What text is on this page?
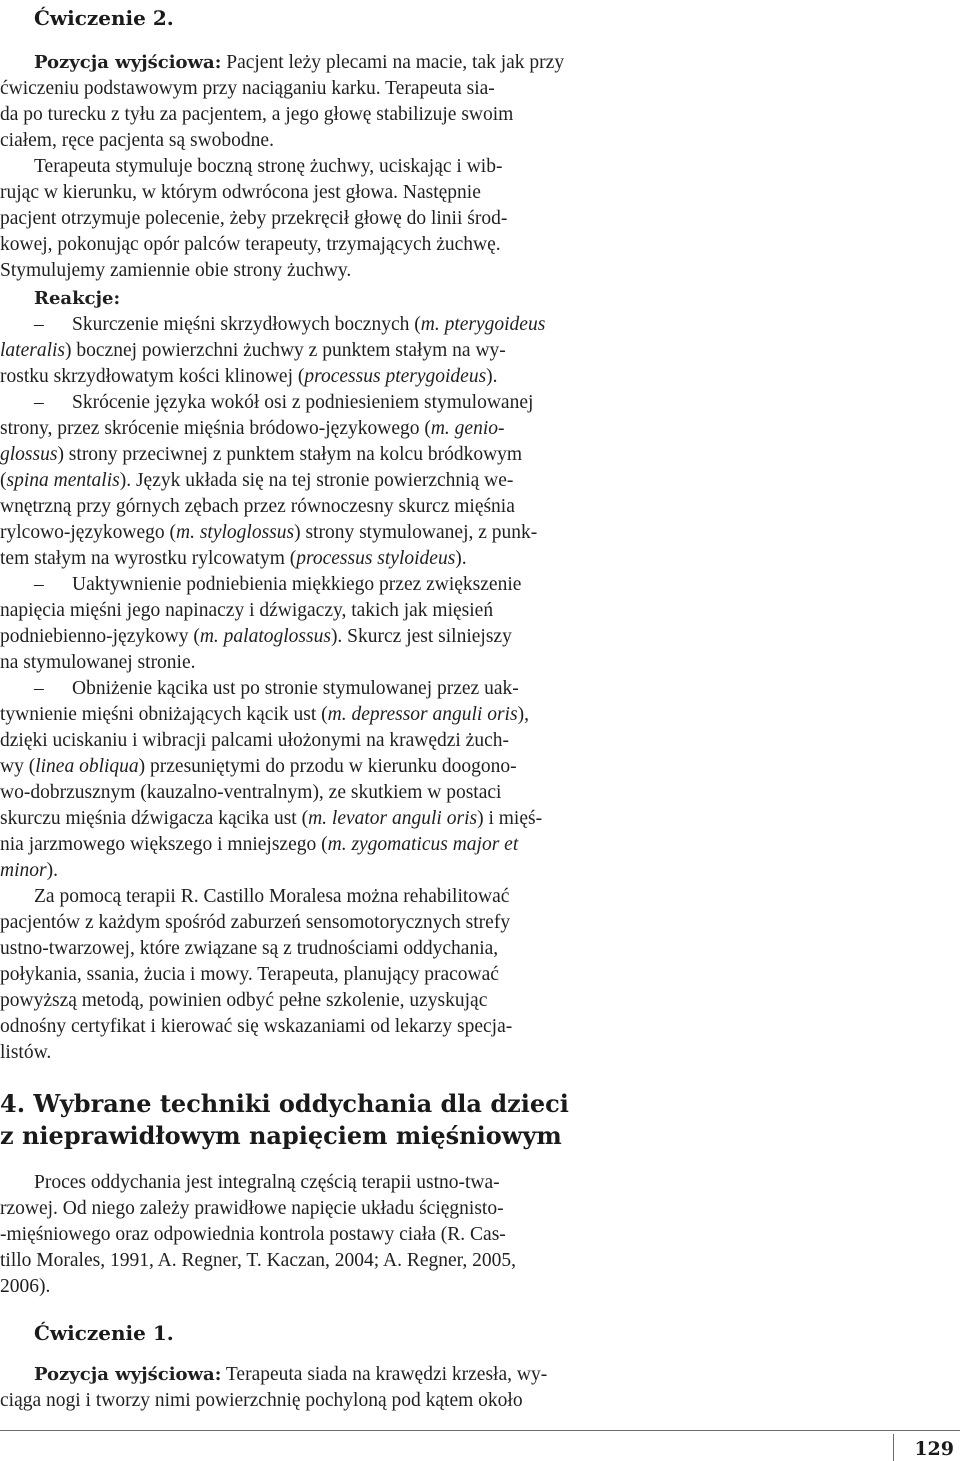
Ćwiczenie 2.
Pozycja wyjściowa: Pacjent leży plecami na macie, tak jak przy
ćwiczeniu podstawowym przy naciąganiu karku. Terapeuta sia-
da po turecku z tyłu za pacjentem, a jego głowę stabilizuje swoim
ciałem, ręce pacjenta są swobodne.
Terapeuta stymuluje boczną stronę żuchwy, uciskając i wib-
rując w kierunku, w którym odwrócona jest głowa. Następnie
pacjent otrzymuje polecenie, żeby przekręcił głowę do linii środ-
kowej, pokonując opór palców terapeuty, trzymających żuchwę.
Stymulujemy zamiennie obie strony żuchwy.
Reakcje:
– Skurczenie mięśni skrzydłowych bocznych (m. pterygoideus
lateralis) bocznej powierzchni żuchwy z punktem stałym na wy-
rostku skrzydłowatym kości klinowej (processus pterygoideus).
– Skrócenie języka wokół osi z podniesieniem stymulowanej
strony, przez skrócenie mięśnia bródowo-językowego (m. genio-
glossus) strony przeciwnej z punktem stałym na kolcu bródkowym
(spina mentalis). Język układa się na tej stronie powierzchnią we-
wnętrzną przy górnych zębach przez równoczesny skurcz mięśnia
rylcowo-językowego (m. styloglossus) strony stymulowanej, z punk-
tem stałym na wyrostku rylcowatym (processus styloideus).
– Uaktywnienie podniebienia miękkiego przez zwiększenie
napięcia mięśni jego napinaczy i dźwigaczy, takich jak mięsień
podniebienno-językowy (m. palatoglossus). Skurcz jest silniejszy
na stymulowanej stronie.
– Obniżenie kącika ust po stronie stymulowanej przez uak-
tywnienie mięśni obniżających kącik ust (m. depressor anguli oris),
dzięki uciskaniu i wibracji palcami ułożonymi na krawędzi żuch-
wy (linea obliqua) przesuniętymi do przodu w kierunku doogono-
wo-dobrzusznym (kauzalno-ventralnym), ze skutkiem w postaci
skurczu mięśnia dźwigacza kącika ust (m. levator anguli oris) i mięś-
nia jarzmowego większego i mniejszego (m. zygomaticus major et
minor).
Za pomocą terapii R. Castillo Moralesa można rehabilitować
pacjentów z każdym spośród zaburzeń sensomotorycznych strefy
ustno-twarzowej, które związane są z trudnościami oddychania,
połykania, ssania, żucia i mowy. Terapeuta, planujący pracować
powyższą metodą, powinien odbyć pełne szkolenie, uzyskując
odnośny certyfikat i kierować się wskazaniami od lekarzy specja-
listów.
4. Wybrane techniki oddychania dla dzieci
z nieprawidłowym napięciem mięśniowym
Proces oddychania jest integralną częścią terapii ustno-twa-
rzowej. Od niego zależy prawidłowe napięcie układu ścięgnisto-
-mięśniowego oraz odpowiednia kontrola postawy ciała (R. Cas-
tillo Morales, 1991, A. Regner, T. Kaczan, 2004; A. Regner, 2005,
2006).
Ćwiczenie 1.
Pozycja wyjściowa: Terapeuta siada na krawędzi krzesła, wy-
ciąga nogi i tworzy nimi powierzchnię pochyloną pod kątem około
129
